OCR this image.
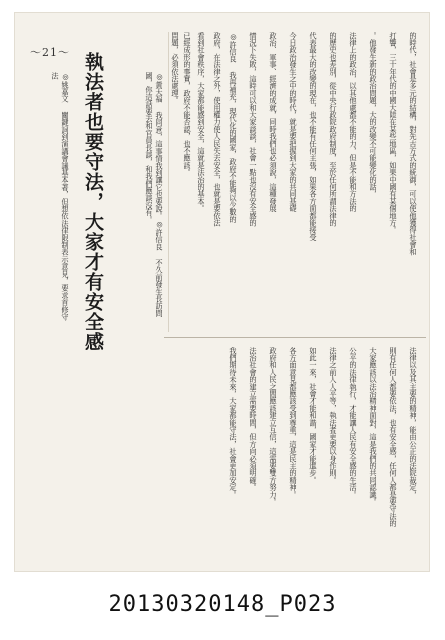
～21～
◎姚嘉文 關鍵詞到演講會議基本著，但想依法律限制表示意見，要求首修守法	執法者也要守法，大家才有安全感	◎黃天福 我同意，這事情我到讓它也要說。◎許信良 不久前發生長訪問國，你這話要去和官員長談，和我們應談沒有。	的時代，社會是多元的結構，對先古方式的統御，可以使他獲得社會和
打響，三十年代的中國大陸在某些地區，如果中國有某個地方。
。他發生新的政治問題，大的改變不可能變化的話，
法律上的政治，以其他處都不能的力，但是不能和方法的
的歷史也差別，從中央行政院政府制度，至於任何所謂法律的
代表最大的改變的現在，也不能有任何主張，如果各方面都能接受
今日政治發生之中的時代，就是要把握到大家的共同基礎
政治、軍事、經濟的成就，同時我們也必須說，這種發展
情況下失敗，這時可以和大家談談，社會一點也沒有安全感的
◎許信良 我再補充，現代化的國家，政府不能夠以少數的
政府，在法律之外，使用權力使人民失去安全，也就是要依法
看到社會秩序，大家都能感到安全，這就是法治的基本。
已經成形的事實，政府不能否認，也不應該。
問題，必須依法處理。
法律以及其主要的精神，能由公正的法院裁定，
則有任何人都要依法，也有安全感，任何人都是要守法的
大家應該以法治精神面對，這是我們的共同認識。
公平的法律執行，才能讓人民有安全感的生活。
法律之前人人平等，執法者更要以身作則。
如此一來，社會才能和諧，國家才能進步。
各方面意見都應該受到尊重，這是民主的精神。
政府和人民之間應該建立互信，這需要雙方努力。
法治社會的建立需要時間，但方向必須明確。
我們期待未來，大家都能守法，社會更加安定。
20130320148_P023
